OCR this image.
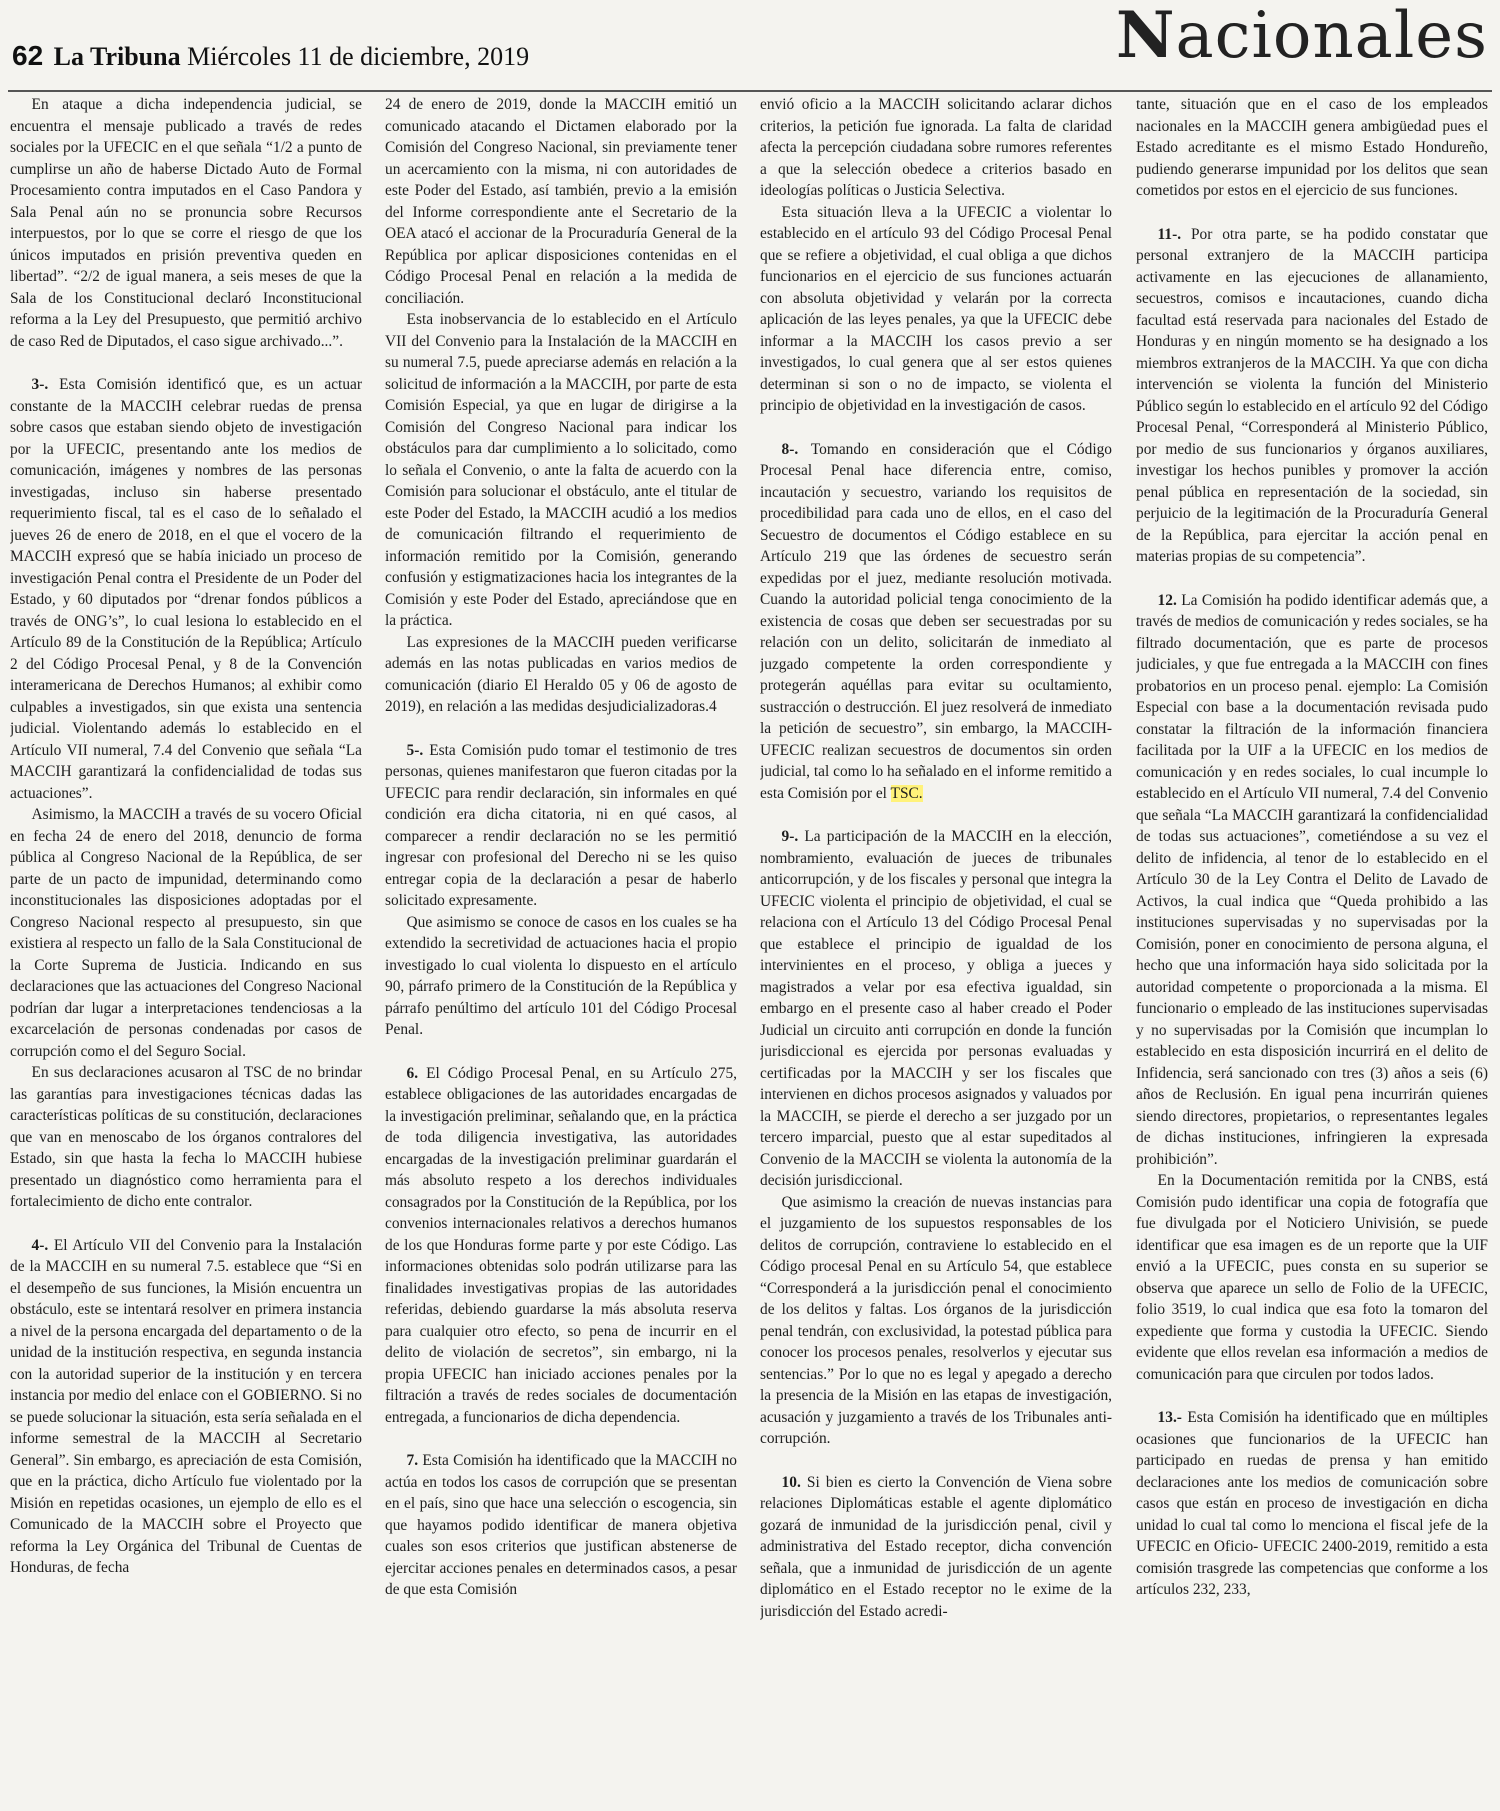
62 La Tribuna Miércoles 11 de diciembre, 2019	Nacionales

En ataque a dicha independencia judicial, se encuentra el mensaje publicado a través de redes sociales por la UFECIC en el que señala “1/2 a punto de cumplirse un año de haberse Dictado Auto de Formal Procesamiento contra imputados en el Caso Pandora y Sala Penal aún no se pronuncia sobre Recursos interpuestos, por lo que se corre el riesgo de que los únicos imputados en prisión preventiva queden en libertad”. “2/2 de igual manera, a seis meses de que la Sala de los Constitucional declaró Inconstitucional reforma a la Ley del Presupuesto, que permitió archivo de caso Red de Diputados, el caso sigue archivado...”.

3-. Esta Comisión identificó que, es un actuar constante de la MACCIH celebrar ruedas de prensa sobre casos que estaban siendo objeto de investigación por la UFECIC, presentando ante los medios de comunicación, imágenes y nombres de las personas investigadas, incluso sin haberse presentado requerimiento fiscal, tal es el caso de lo señalado el jueves 26 de enero de 2018, en el que el vocero de la MACCIH expresó que se había iniciado un proceso de investigación Penal contra el Presidente de un Poder del Estado, y 60 diputados por “drenar fondos públicos a través de ONG’s”, lo cual lesiona lo establecido en el Artículo 89 de la Constitución de la República; Artículo 2 del Código Procesal Penal, y 8 de la Convención interamericana de Derechos Humanos; al exhibir como culpables a investigados, sin que exista una sentencia judicial. Violentando además lo establecido en el Artículo VII numeral, 7.4 del Convenio que señala “La MACCIH garantizará la confidencialidad de todas sus actuaciones”.

Asimismo, la MACCIH a través de su vocero Oficial en fecha 24 de enero del 2018, denuncio de forma pública al Congreso Nacional de la República, de ser parte de un pacto de impunidad, determinando como inconstitucionales las disposiciones adoptadas por el Congreso Nacional respecto al presupuesto, sin que existiera al respecto un fallo de la Sala Constitucional de la Corte Suprema de Justicia. Indicando en sus declaraciones que las actuaciones del Congreso Nacional podrían dar lugar a interpretaciones tendenciosas a la excarcelación de personas condenadas por casos de corrupción como el del Seguro Social.

En sus declaraciones acusaron al TSC de no brindar las garantías para investigaciones técnicas dadas las características políticas de su constitución, declaraciones que van en menoscabo de los órganos contralores del Estado, sin que hasta la fecha lo MACCIH hubiese presentado un diagnóstico como herramienta para el fortalecimiento de dicho ente contralor.

4-. El Artículo VII del Convenio para la Instalación de la MACCIH en su numeral 7.5. establece que “Si en el desempeño de sus funciones, la Misión encuentra un obstáculo, este se intentará resolver en primera instancia a nivel de la persona encargada del departamento o de la unidad de la institución respectiva, en segunda instancia con la autoridad superior de la institución y en tercera instancia por medio del enlace con el GOBIERNO. Si no se puede solucionar la situación, esta sería señalada en el informe semestral de la MACCIH al Secretario General”. Sin embargo, es apreciación de esta Comisión, que en la práctica, dicho Artículo fue violentado por la Misión en repetidas ocasiones, un ejemplo de ello es el Comunicado de la MACCIH sobre el Proyecto que reforma la Ley Orgánica del Tribunal de Cuentas de Honduras, de fecha

24 de enero de 2019, donde la MACCIH emitió un comunicado atacando el Dictamen elaborado por la Comisión del Congreso Nacional, sin previamente tener un acercamiento con la misma, ni con autoridades de este Poder del Estado, así también, previo a la emisión del Informe correspondiente ante el Secretario de la OEA atacó el accionar de la Procuraduría General de la República por aplicar disposiciones contenidas en el Código Procesal Penal en relación a la medida de conciliación.

Esta inobservancia de lo establecido en el Artículo VII del Convenio para la Instalación de la MACCIH en su numeral 7.5, puede apreciarse además en relación a la solicitud de información a la MACCIH, por parte de esta Comisión Especial, ya que en lugar de dirigirse a la Comisión del Congreso Nacional para indicar los obstáculos para dar cumplimiento a lo solicitado, como lo señala el Convenio, o ante la falta de acuerdo con la Comisión para solucionar el obstáculo, ante el titular de este Poder del Estado, la MACCIH acudió a los medios de comunicación filtrando el requerimiento de información remitido por la Comisión, generando confusión y estigmatizaciones hacia los integrantes de la Comisión y este Poder del Estado, apreciándose que en la práctica.

Las expresiones de la MACCIH pueden verificarse además en las notas publicadas en varios medios de comunicación (diario El Heraldo 05 y 06 de agosto de 2019), en relación a las medidas desjudicializadoras.4

5-. Esta Comisión pudo tomar el testimonio de tres personas, quienes manifestaron que fueron citadas por la UFECIC para rendir declaración, sin informales en qué condición era dicha citatoria, ni en qué casos, al comparecer a rendir declaración no se les permitió ingresar con profesional del Derecho ni se les quiso entregar copia de la declaración a pesar de haberlo solicitado expresamente.

Que asimismo se conoce de casos en los cuales se ha extendido la secretividad de actuaciones hacia el propio investigado lo cual violenta lo dispuesto en el artículo 90, párrafo primero de la Constitución de la República y párrafo penúltimo del artículo 101 del Código Procesal Penal.

6. El Código Procesal Penal, en su Artículo 275, establece obligaciones de las autoridades encargadas de la investigación preliminar, señalando que, en la práctica de toda diligencia investigativa, las autoridades encargadas de la investigación preliminar guardarán el más absoluto respeto a los derechos individuales consagrados por la Constitución de la República, por los convenios internacionales relativos a derechos humanos de los que Honduras forme parte y por este Código. Las informaciones obtenidas solo podrán utilizarse para las finalidades investigativas propias de las autoridades referidas, debiendo guardarse la más absoluta reserva para cualquier otro efecto, so pena de incurrir en el delito de violación de secretos”, sin embargo, ni la propia UFECIC han iniciado acciones penales por la filtración a través de redes sociales de documentación entregada, a funcionarios de dicha dependencia.

7. Esta Comisión ha identificado que la MACCIH no actúa en todos los casos de corrupción que se presentan en el país, sino que hace una selección o escogencia, sin que hayamos podido identificar de manera objetiva cuales son esos criterios que justifican abstenerse de ejercitar acciones penales en determinados casos, a pesar de que esta Comisión

envió oficio a la MACCIH solicitando aclarar dichos criterios, la petición fue ignorada. La falta de claridad afecta la percepción ciudadana sobre rumores referentes a que la selección obedece a criterios basado en ideologías políticas o Justicia Selectiva.

Esta situación lleva a la UFECIC a violentar lo establecido en el artículo 93 del Código Procesal Penal que se refiere a objetividad, el cual obliga a que dichos funcionarios en el ejercicio de sus funciones actuarán con absoluta objetividad y velarán por la correcta aplicación de las leyes penales, ya que la UFECIC debe informar a la MACCIH los casos previo a ser investigados, lo cual genera que al ser estos quienes determinan si son o no de impacto, se violenta el principio de objetividad en la investigación de casos.

8-. Tomando en consideración que el Código Procesal Penal hace diferencia entre, comiso, incautación y secuestro, variando los requisitos de procedibilidad para cada uno de ellos, en el caso del Secuestro de documentos el Código establece en su Artículo 219 que las órdenes de secuestro serán expedidas por el juez, mediante resolución motivada. Cuando la autoridad policial tenga conocimiento de la existencia de cosas que deben ser secuestradas por su relación con un delito, solicitarán de inmediato al juzgado competente la orden correspondiente y protegerán aquéllas para evitar su ocultamiento, sustracción o destrucción. El juez resolverá de inmediato la petición de secuestro”, sin embargo, la MACCIH-UFECIC realizan secuestros de documentos sin orden judicial, tal como lo ha señalado en el informe remitido a esta Comisión por el TSC.

9-. La participación de la MACCIH en la elección, nombramiento, evaluación de jueces de tribunales anticorrupción, y de los fiscales y personal que integra la UFECIC violenta el principio de objetividad, el cual se relaciona con el Artículo 13 del Código Procesal Penal que establece el principio de igualdad de los intervinientes en el proceso, y obliga a jueces y magistrados a velar por esa efectiva igualdad, sin embargo en el presente caso al haber creado el Poder Judicial un circuito anti corrupción en donde la función jurisdiccional es ejercida por personas evaluadas y certificadas por la MACCIH y ser los fiscales que intervienen en dichos procesos asignados y valuados por la MACCIH, se pierde el derecho a ser juzgado por un tercero imparcial, puesto que al estar supeditados al Convenio de la MACCIH se violenta la autonomía de la decisión jurisdiccional.

Que asimismo la creación de nuevas instancias para el juzgamiento de los supuestos responsables de los delitos de corrupción, contraviene lo establecido en el Código procesal Penal en su Artículo 54, que establece “Corresponderá a la jurisdicción penal el conocimiento de los delitos y faltas. Los órganos de la jurisdicción penal tendrán, con exclusividad, la potestad pública para conocer los procesos penales, resolverlos y ejecutar sus sentencias.” Por lo que no es legal y apegado a derecho la presencia de la Misión en las etapas de investigación, acusación y juzgamiento a través de los Tribunales anti-corrupción.

10. Si bien es cierto la Convención de Viena sobre relaciones Diplomáticas estable el agente diplomático gozará de inmunidad de la jurisdicción penal, civil y administrativa del Estado receptor, dicha convención señala, que a inmunidad de jurisdicción de un agente diplomático en el Estado receptor no le exime de la jurisdicción del Estado acredi-

tante, situación que en el caso de los empleados nacionales en la MACCIH genera ambigüedad pues el Estado acreditante es el mismo Estado Hondureño, pudiendo generarse impunidad por los delitos que sean cometidos por estos en el ejercicio de sus funciones.

11-. Por otra parte, se ha podido constatar que personal extranjero de la MACCIH participa activamente en las ejecuciones de allanamiento, secuestros, comisos e incautaciones, cuando dicha facultad está reservada para nacionales del Estado de Honduras y en ningún momento se ha designado a los miembros extranjeros de la MACCIH. Ya que con dicha intervención se violenta la función del Ministerio Público según lo establecido en el artículo 92 del Código Procesal Penal, “Corresponderá al Ministerio Público, por medio de sus funcionarios y órganos auxiliares, investigar los hechos punibles y promover la acción penal pública en representación de la sociedad, sin perjuicio de la legitimación de la Procuraduría General de la República, para ejercitar la acción penal en materias propias de su competencia”.

12. La Comisión ha podido identificar además que, a través de medios de comunicación y redes sociales, se ha filtrado documentación, que es parte de procesos judiciales, y que fue entregada a la MACCIH con fines probatorios en un proceso penal. ejemplo: La Comisión Especial con base a la documentación revisada pudo constatar la filtración de la información financiera facilitada por la UIF a la UFECIC en los medios de comunicación y en redes sociales, lo cual incumple lo establecido en el Artículo VII numeral, 7.4 del Convenio que señala “La MACCIH garantizará la confidencialidad de todas sus actuaciones”, cometiéndose a su vez el delito de infidencia, al tenor de lo establecido en el Artículo 30 de la Ley Contra el Delito de Lavado de Activos, la cual indica que “Queda prohibido a las instituciones supervisadas y no supervisadas por la Comisión, poner en conocimiento de persona alguna, el hecho que una información haya sido solicitada por la autoridad competente o proporcionada a la misma. El funcionario o empleado de las instituciones supervisadas y no supervisadas por la Comisión que incumplan lo establecido en esta disposición incurrirá en el delito de Infidencia, será sancionado con tres (3) años a seis (6) años de Reclusión. En igual pena incurrirán quienes siendo directores, propietarios, o representantes legales de dichas instituciones, infringieren la expresada prohibición”.

En la Documentación remitida por la CNBS, está Comisión pudo identificar una copia de fotografía que fue divulgada por el Noticiero Univisión, se puede identificar que esa imagen es de un reporte que la UIF envió a la UFECIC, pues consta en su superior se observa que aparece un sello de Folio de la UFECIC, folio 3519, lo cual indica que esa foto la tomaron del expediente que forma y custodia la UFECIC. Siendo evidente que ellos revelan esa información a medios de comunicación para que circulen por todos lados.

13.- Esta Comisión ha identificado que en múltiples ocasiones que funcionarios de la UFECIC han participado en ruedas de prensa y han emitido declaraciones ante los medios de comunicación sobre casos que están en proceso de investigación en dicha unidad lo cual tal como lo menciona el fiscal jefe de la UFECIC en Oficio- UFECIC 2400-2019, remitido a esta comisión trasgrede las competencias que conforme a los artículos 232, 233,
